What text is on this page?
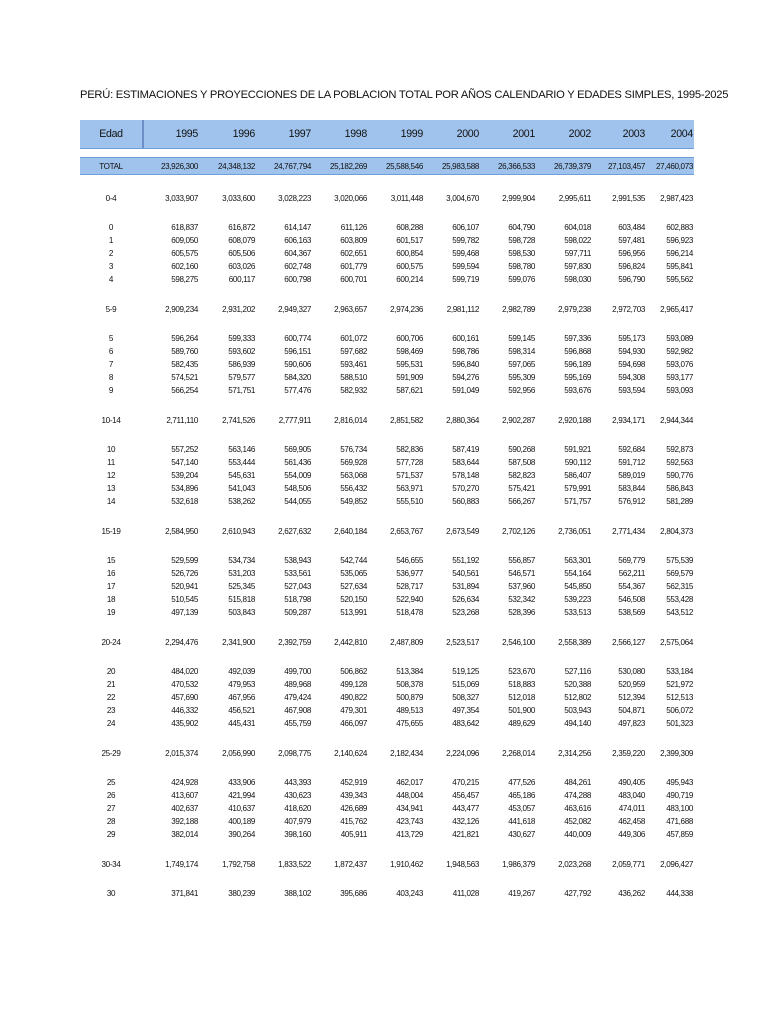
PERÚ: ESTIMACIONES Y PROYECCIONES DE LA POBLACION TOTAL POR AÑOS CALENDARIO Y EDADES SIMPLES, 1995-2025
Edad	1995	1996	1997	1998	1999	2000	2001	2002	2003	2004
TOTAL	23,926,300	24,348,132	24,767,794	25,182,269	25,588,546	25,983,588	26,366,533	26,739,379	27,103,457	27,460,073
0-4	3,033,907	3,033,600	3,028,223	3,020,066	3,011,448	3,004,670	2,999,904	2,995,611	2,991,535	2,987,423
0	618,837	616,872	614,147	611,126	608,288	606,107	604,790	604,018	603,484	602,883
1	609,050	608,079	606,163	603,809	601,517	599,782	598,728	598,022	597,481	596,923
2	605,575	605,506	604,367	602,651	600,854	599,468	598,530	597,711	596,956	596,214
3	602,160	603,026	602,748	601,779	600,575	599,594	598,780	597,830	596,824	595,841
4	598,275	600,117	600,798	600,701	600,214	599,719	599,076	598,030	596,790	595,562
5-9	2,909,234	2,931,202	2,949,327	2,963,657	2,974,236	2,981,112	2,982,789	2,979,238	2,972,703	2,965,417
5	596,264	599,333	600,774	601,072	600,706	600,161	599,145	597,336	595,173	593,089
6	589,760	593,602	596,151	597,682	598,469	598,786	598,314	596,868	594,930	592,982
7	582,435	586,939	590,606	593,461	595,531	596,840	597,065	596,189	594,698	593,076
8	574,521	579,577	584,320	588,510	591,909	594,276	595,309	595,169	594,308	593,177
9	566,254	571,751	577,476	582,932	587,621	591,049	592,956	593,676	593,594	593,093
10-14	2,711,110	2,741,526	2,777,911	2,816,014	2,851,582	2,880,364	2,902,287	2,920,188	2,934,171	2,944,344
10	557,252	563,146	569,905	576,734	582,836	587,419	590,268	591,921	592,684	592,873
11	547,140	553,444	561,436	569,928	577,728	583,644	587,508	590,112	591,712	592,563
12	539,204	545,631	554,009	563,068	571,537	578,148	582,823	586,407	589,019	590,776
13	534,896	541,043	548,506	556,432	563,971	570,270	575,421	579,991	583,844	586,843
14	532,618	538,262	544,055	549,852	555,510	560,883	566,267	571,757	576,912	581,289
15-19	2,584,950	2,610,943	2,627,632	2,640,184	2,653,767	2,673,549	2,702,126	2,736,051	2,771,434	2,804,373
15	529,599	534,734	538,943	542,744	546,655	551,192	556,857	563,301	569,779	575,539
16	526,726	531,203	533,561	535,065	536,977	540,561	546,571	554,164	562,211	569,579
17	520,941	525,345	527,043	527,634	528,717	531,894	537,960	545,850	554,367	562,315
18	510,545	515,818	518,798	520,150	522,940	526,634	532,342	539,223	546,508	553,428
19	497,139	503,843	509,287	513,991	518,478	523,268	528,396	533,513	538,569	543,512
20-24	2,294,476	2,341,900	2,392,759	2,442,810	2,487,809	2,523,517	2,546,100	2,558,389	2,566,127	2,575,064
20	484,020	492,039	499,700	506,862	513,384	519,125	523,670	527,116	530,080	533,184
21	470,532	479,953	489,968	499,128	508,378	515,069	518,883	520,388	520,959	521,972
22	457,690	467,956	479,424	490,822	500,879	508,327	512,018	512,802	512,394	512,513
23	446,332	456,521	467,908	479,301	489,513	497,354	501,900	503,943	504,871	506,072
24	435,902	445,431	455,759	466,097	475,655	483,642	489,629	494,140	497,823	501,323
25-29	2,015,374	2,056,990	2,098,775	2,140,624	2,182,434	2,224,096	2,268,014	2,314,256	2,359,220	2,399,309
25	424,928	433,906	443,393	452,919	462,017	470,215	477,526	484,261	490,405	495,943
26	413,607	421,994	430,623	439,343	448,004	456,457	465,186	474,288	483,040	490,719
27	402,637	410,637	418,620	426,689	434,941	443,477	453,057	463,616	474,011	483,100
28	392,188	400,189	407,979	415,762	423,743	432,126	441,618	452,082	462,458	471,688
29	382,014	390,264	398,160	405,911	413,729	421,821	430,627	440,009	449,306	457,859
30-34	1,749,174	1,792,758	1,833,522	1,872,437	1,910,462	1,948,563	1,986,379	2,023,268	2,059,771	2,096,427
30	371,841	380,239	388,102	395,686	403,243	411,028	419,267	427,792	436,262	444,338
